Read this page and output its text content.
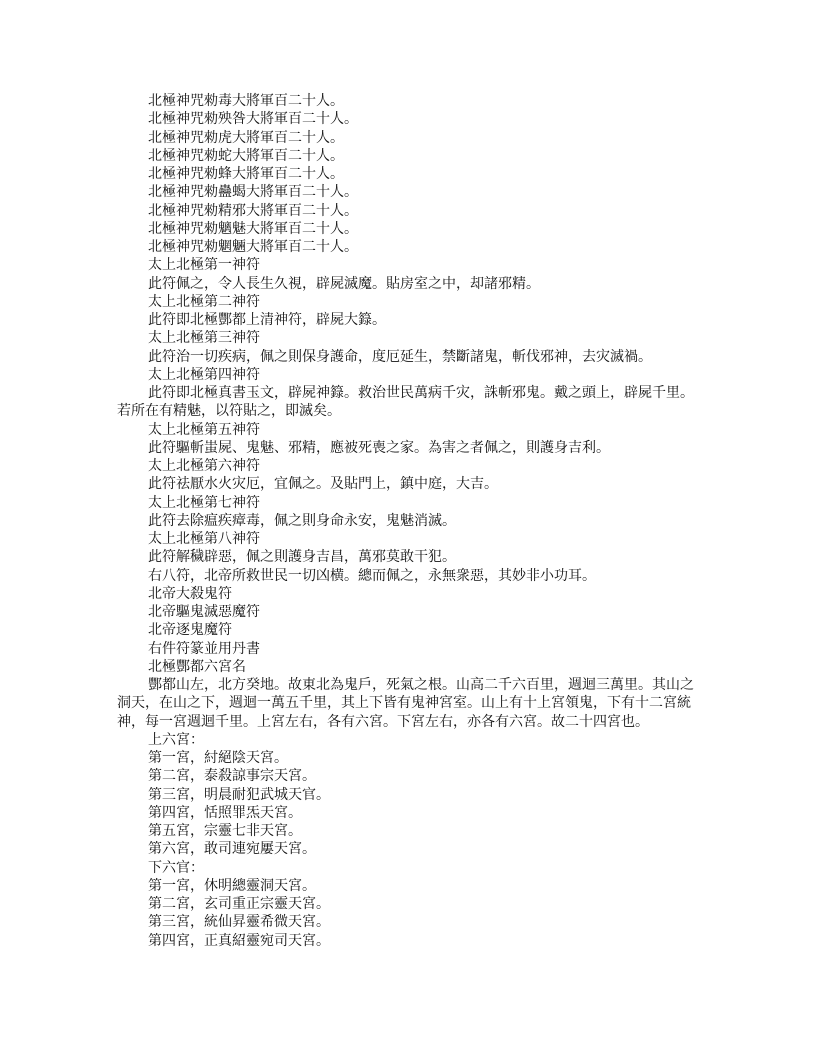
北極神咒勑毒大將軍百二十人。
北極神咒勑殃咎大將軍百二十人。
北極神咒勑虎大將軍百二十人。
北極神咒勑蛇大將軍百二十人。
北極神咒勑蜂大將軍百二十人。
北極神咒勑蠱蝎大將軍百二十人。
北極神咒勑精邪大將軍百二十人。
北極神咒勑魑魅大將軍百二十人。
北極神咒勑魍魎大將軍百二十人。
太上北極第一神符
此符佩之，令人長生久視，辟屍滅魔。貼房室之中，却諸邪精。
太上北極第二神符
此符即北極酆都上清神符，辟屍大籙。
太上北極第三神符
此符治一切疾病，佩之則保身護命，度厄延生，禁斷諸鬼，斬伐邪神，去灾滅禍。
太上北極第四神符
此符即北極真書玉文，辟屍神籙。救治世民萬病千灾，誅斬邪鬼。戴之頭上，辟屍千里。
若所在有精魅，以符貼之，即滅矣。
太上北極第五神符
此符驅斬蚩屍、鬼魅、邪精，應被死喪之家。為害之者佩之，則護身吉利。
太上北極第六神符
此符祛厭水火灾厄，宜佩之。及貼門上，鎮中庭，大吉。
太上北極第七神符
此符去除瘟疾瘴毒，佩之則身命永安，鬼魅消滅。
太上北極第八神符
此符解穢辟惡，佩之則護身吉昌，萬邪莫敢干犯。
右八符，北帝所救世民一切凶横。總而佩之，永無衆惡，其妙非小功耳。
北帝大殺鬼符
北帝驅鬼滅惡魔符
北帝逐鬼魔符
右件符篆並用丹書
北極酆都六宮名
酆都山左，北方癸地。故東北為鬼戶，死氣之根。山高二千六百里，週迴三萬里。其山之
洞天，在山之下，週迴一萬五千里，其上下皆有鬼神宮室。山上有十上宮領鬼，下有十二宮統
神，每一宮週迴千里。上宮左右，各有六宮。下宮左右，亦各有六宮。故二十四宮也。
上六宮：
第一宮，紂絕陰天宮。
第二宮，泰殺諒事宗天宮。
第三宮，明晨耐犯武城天官。
第四宮，恬照罪炁天宮。
第五宮，宗靈七非天宮。
第六宮，敢司連宛屢天宮。
下六官：
第一宮，休明總靈洞天宮。
第二宮，玄司重正宗靈天宮。
第三宮，統仙昇靈希微天宮。
第四宮，正真紹靈宛司天宮。
